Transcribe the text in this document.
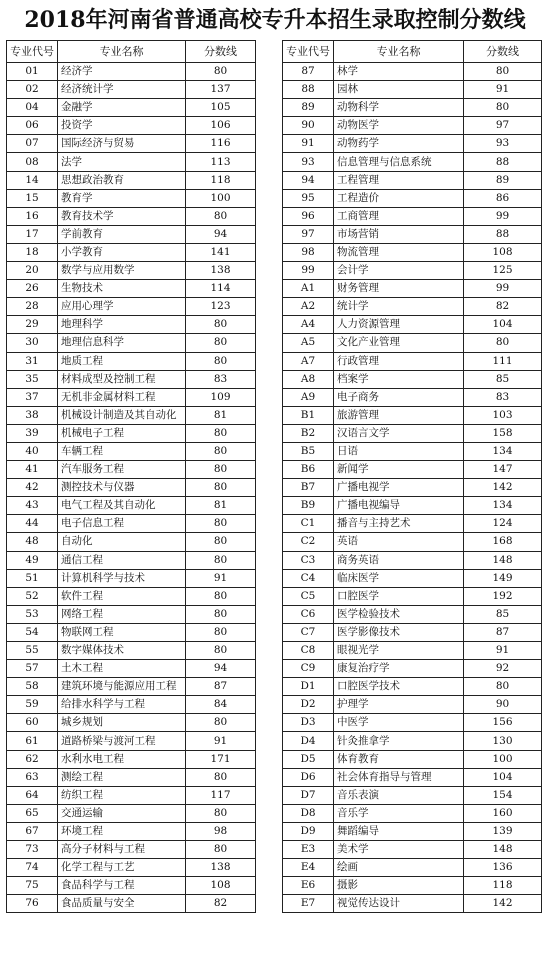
2018年河南省普通高校专升本招生录取控制分数线
专业代号	专业名称	分数线
01	经济学	80
02	经济统计学	137
04	金融学	105
06	投资学	106
07	国际经济与贸易	116
08	法学	113
14	思想政治教育	118
15	教育学	100
16	教育技术学	80
17	学前教育	94
18	小学教育	141
20	数学与应用数学	138
26	生物技术	114
28	应用心理学	123
29	地理科学	80
30	地理信息科学	80
31	地质工程	80
35	材料成型及控制工程	83
37	无机非金属材料工程	109
38	机械设计制造及其自动化	81
39	机械电子工程	80
40	车辆工程	80
41	汽车服务工程	80
42	测控技术与仪器	80
43	电气工程及其自动化	81
44	电子信息工程	80
48	自动化	80
49	通信工程	80
51	计算机科学与技术	91
52	软件工程	80
53	网络工程	80
54	物联网工程	80
55	数字媒体技术	80
57	土木工程	94
58	建筑环境与能源应用工程	87
59	给排水科学与工程	84
60	城乡规划	80
61	道路桥梁与渡河工程	91
62	水利水电工程	171
63	测绘工程	80
64	纺织工程	117
65	交通运输	80
67	环境工程	98
73	高分子材料与工程	80
74	化学工程与工艺	138
75	食品科学与工程	108
76	食品质量与安全	82
专业代号	专业名称	分数线
87	林学	80
88	园林	91
89	动物科学	80
90	动物医学	97
91	动物药学	93
93	信息管理与信息系统	88
94	工程管理	89
95	工程造价	86
96	工商管理	99
97	市场营销	88
98	物流管理	108
99	会计学	125
A1	财务管理	99
A2	统计学	82
A4	人力资源管理	104
A5	文化产业管理	80
A7	行政管理	111
A8	档案学	85
A9	电子商务	83
B1	旅游管理	103
B2	汉语言文学	158
B5	日语	134
B6	新闻学	147
B7	广播电视学	142
B9	广播电视编导	134
C1	播音与主持艺术	124
C2	英语	168
C3	商务英语	148
C4	临床医学	149
C5	口腔医学	192
C6	医学检验技术	85
C7	医学影像技术	87
C8	眼视光学	91
C9	康复治疗学	92
D1	口腔医学技术	80
D2	护理学	90
D3	中医学	156
D4	针灸推拿学	130
D5	体育教育	100
D6	社会体育指导与管理	104
D7	音乐表演	154
D8	音乐学	160
D9	舞蹈编导	139
E3	美术学	148
E4	绘画	136
E6	摄影	118
E7	视觉传达设计	142
